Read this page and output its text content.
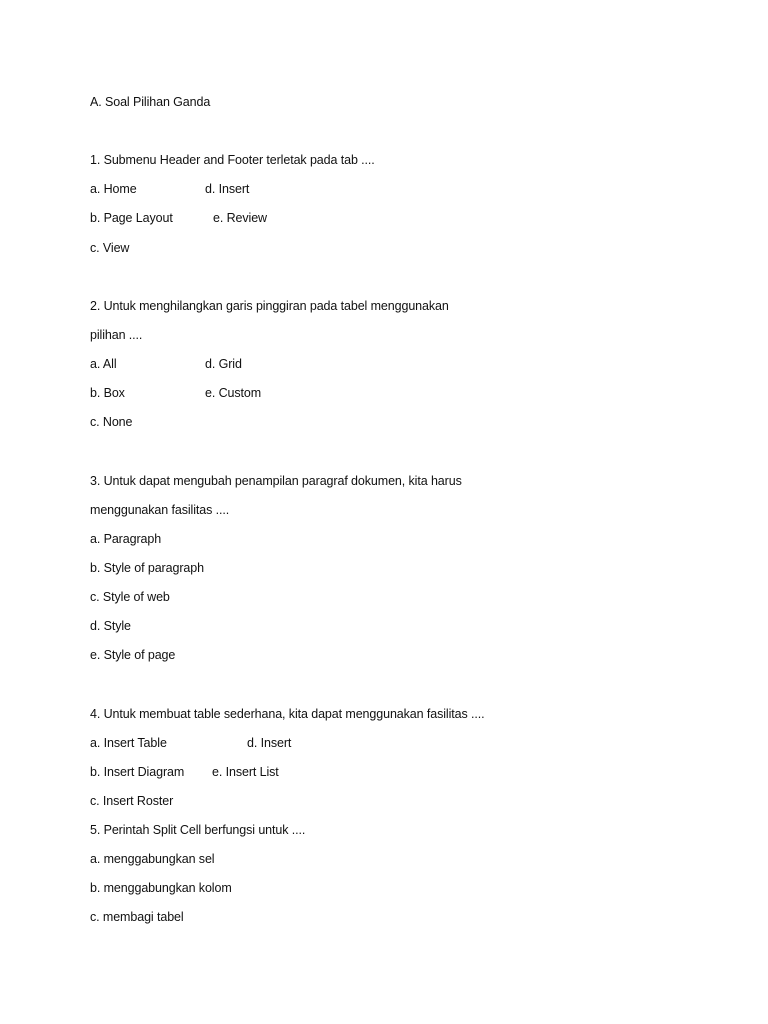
A. Soal Pilihan Ganda
1. Submenu Header and Footer terletak pada tab ....
a. Home	d. Insert
b. Page Layout	e. Review
c. View
2. Untuk menghilangkan garis pinggiran pada tabel menggunakan
pilihan ....
a. All	d. Grid
b. Box	e. Custom
c. None
3. Untuk dapat mengubah penampilan paragraf dokumen, kita harus
menggunakan fasilitas ....
a. Paragraph
b. Style of paragraph
c. Style of web
d. Style
e. Style of page
4. Untuk membuat table sederhana, kita dapat menggunakan fasilitas ....
a. Insert Table	d. Insert
b. Insert Diagram e. Insert List
c. Insert Roster
5. Perintah Split Cell berfungsi untuk ....
a. menggabungkan sel
b. menggabungkan kolom
c. membagi tabel
